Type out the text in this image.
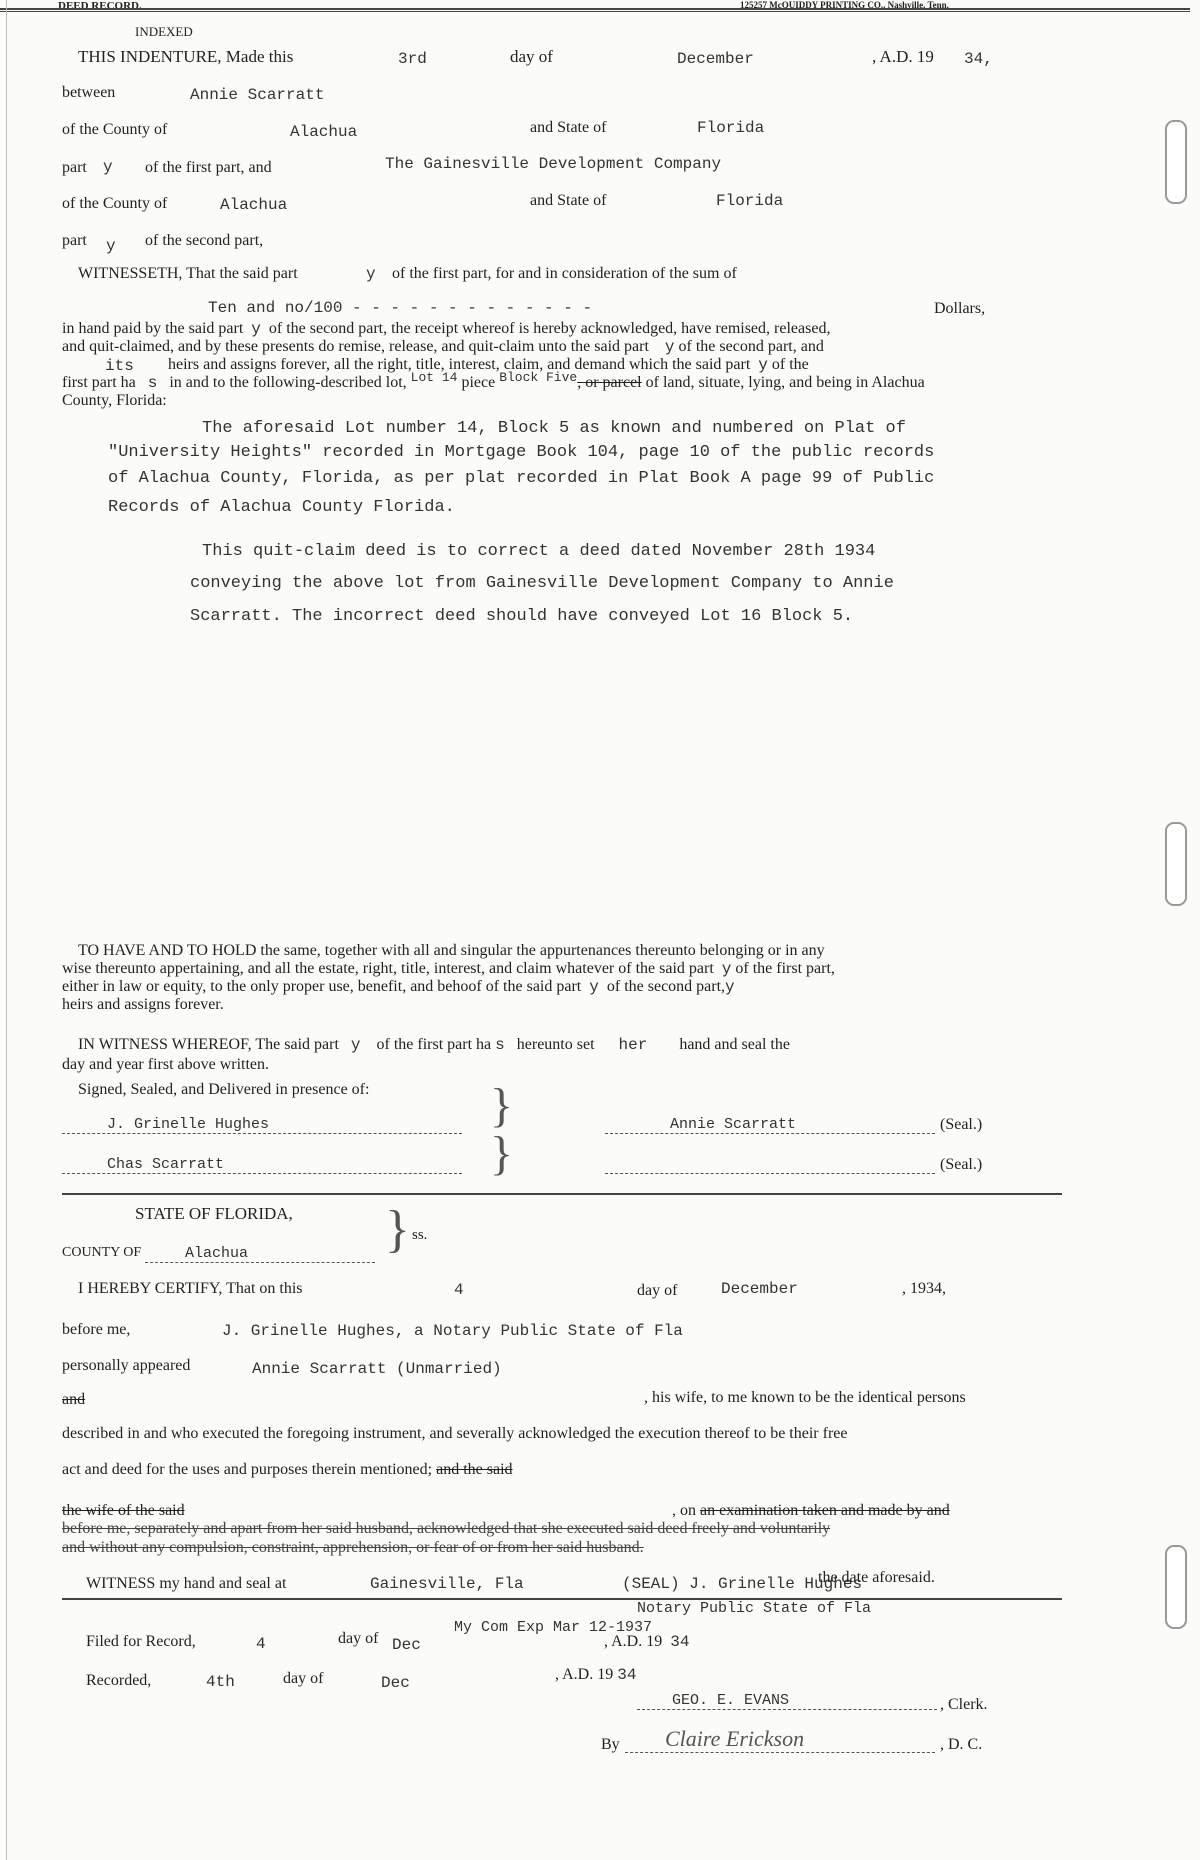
DEED RECORD.	125257 McQUIDDY PRINTING CO., Nashville, Tenn.
INDEXED
THIS INDENTURE, Made this	3rd	day of	December	, A.D. 19 34,
between	Annie Scarratt
of the County of	Alachua	and State of	Florida
part y of the first part, and	The Gainesville Development Company
of the County of	Alachua	and State of	Florida
part y of the second part,
WITNESSETH, That the said part	y of the first part, for and in consideration of the sum of
Ten and no/100 - - - - - - - - - - - - -	Dollars,
in hand paid by the said part y of the second part, the receipt whereof is hereby acknowledged, have remised, released,
and quit-claimed, and by these presents do remise, release, and quit-claim unto the said part y of the second part, and
its heirs and assigns forever, all the right, title, interest, claim, and demand which the said part y of the
first part ha s in and to the following-described lot, $^{Lot 14}$ piece $^{Block Five}$, or parcel of land, situate, lying, and being in Alachua
County, Florida:
The aforesaid Lot number 14, Block 5 as known and numbered on Plat of
"University Heights" recorded in Mortgage Book 104, page 10 of the public records
of Alachua County, Florida, as per plat recorded in Plat Book A page 99 of Public
Records of Alachua County Florida.
This quit-claim deed is to correct a deed dated November 28th 1934
conveying the above lot from Gainesville Development Company to Annie
Scarratt. The incorrect deed should have conveyed Lot 16 Block 5.
TO HAVE AND TO HOLD the same, together with all and singular the appurtenances thereunto belonging or in any
wise thereunto appertaining, and all the estate, right, title, interest, and claim whatever of the said part y of the first part,
either in law or equity, to the only proper use, benefit, and behoof of the said part y of the second part,y
heirs and assigns forever.
IN WITNESS WHEREOF, The said part y of the first part ha s hereunto set her hand and seal the
day and year first above written.
Signed, Sealed, and Delivered in presence of:	}
}
J. Grinelle Hughes
Chas Scarratt
Annie Scarratt	(Seal.)

(Seal.)
STATE OF FLORIDA, } ss.
COUNTY OF	Alachua
I HEREBY CERTIFY, That on this	4	day of	December	, 1934,
before me,	J. Grinelle Hughes, a Notary Public State of Fla
personally appeared	Annie Scarratt (Unmarried)
and	, his wife, to me known to be the identical persons
described in and who executed the foregoing instrument, and severally acknowledged the execution thereof to be their free
act and deed for the uses and purposes therein mentioned; and the said
the wife of the said	, on an examination taken and made by and
before me, separately and apart from her said husband, acknowledged that she executed said deed freely and voluntarily
and without any compulsion, constraint, apprehension, or fear of or from her said husband.
WITNESS my hand and seal at	Gainesville, Fla	(SEAL) J. Grinelle Hughes
the date aforesaid.
Notary Public State of Fla
My Com Exp Mar 12-1937
Filed for Record,	4	day of Dec	, A.D. 19 34
Recorded,	4th	day of	Dec	, A.D. 19 34
GEO. E. EVANS	, Clerk.
By	Claire Erickson	, D. C.
